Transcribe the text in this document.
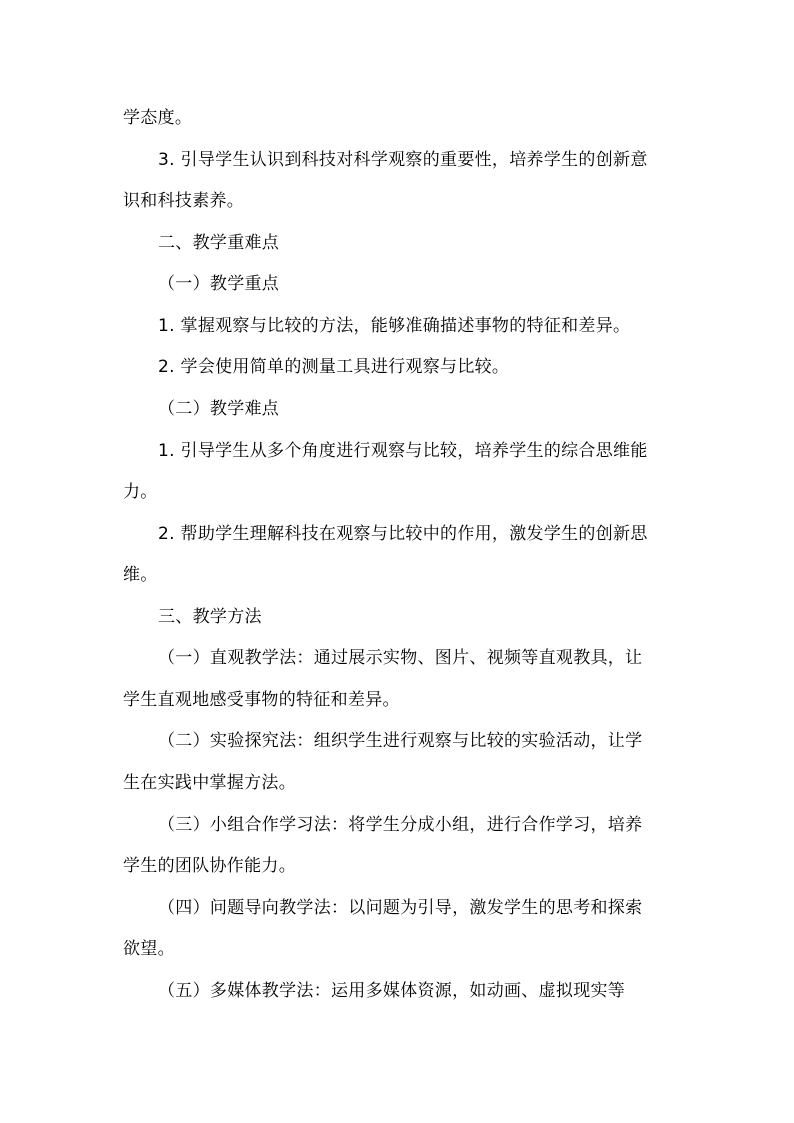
学态度。
3. 引导学生认识到科技对科学观察的重要性，培养学生的创新意
识和科技素养。
二、教学重难点
（一）教学重点
1. 掌握观察与比较的方法，能够准确描述事物的特征和差异。
2. 学会使用简单的测量工具进行观察与比较。
（二）教学难点
1. 引导学生从多个角度进行观察与比较，培养学生的综合思维能
力。
2. 帮助学生理解科技在观察与比较中的作用，激发学生的创新思
维。
三、教学方法
（一）直观教学法：通过展示实物、图片、视频等直观教具，让
学生直观地感受事物的特征和差异。
（二）实验探究法：组织学生进行观察与比较的实验活动，让学
生在实践中掌握方法。
（三）小组合作学习法：将学生分成小组，进行合作学习，培养
学生的团队协作能力。
（四）问题导向教学法：以问题为引导，激发学生的思考和探索
欲望。
（五）多媒体教学法：运用多媒体资源，如动画、虚拟现实等
